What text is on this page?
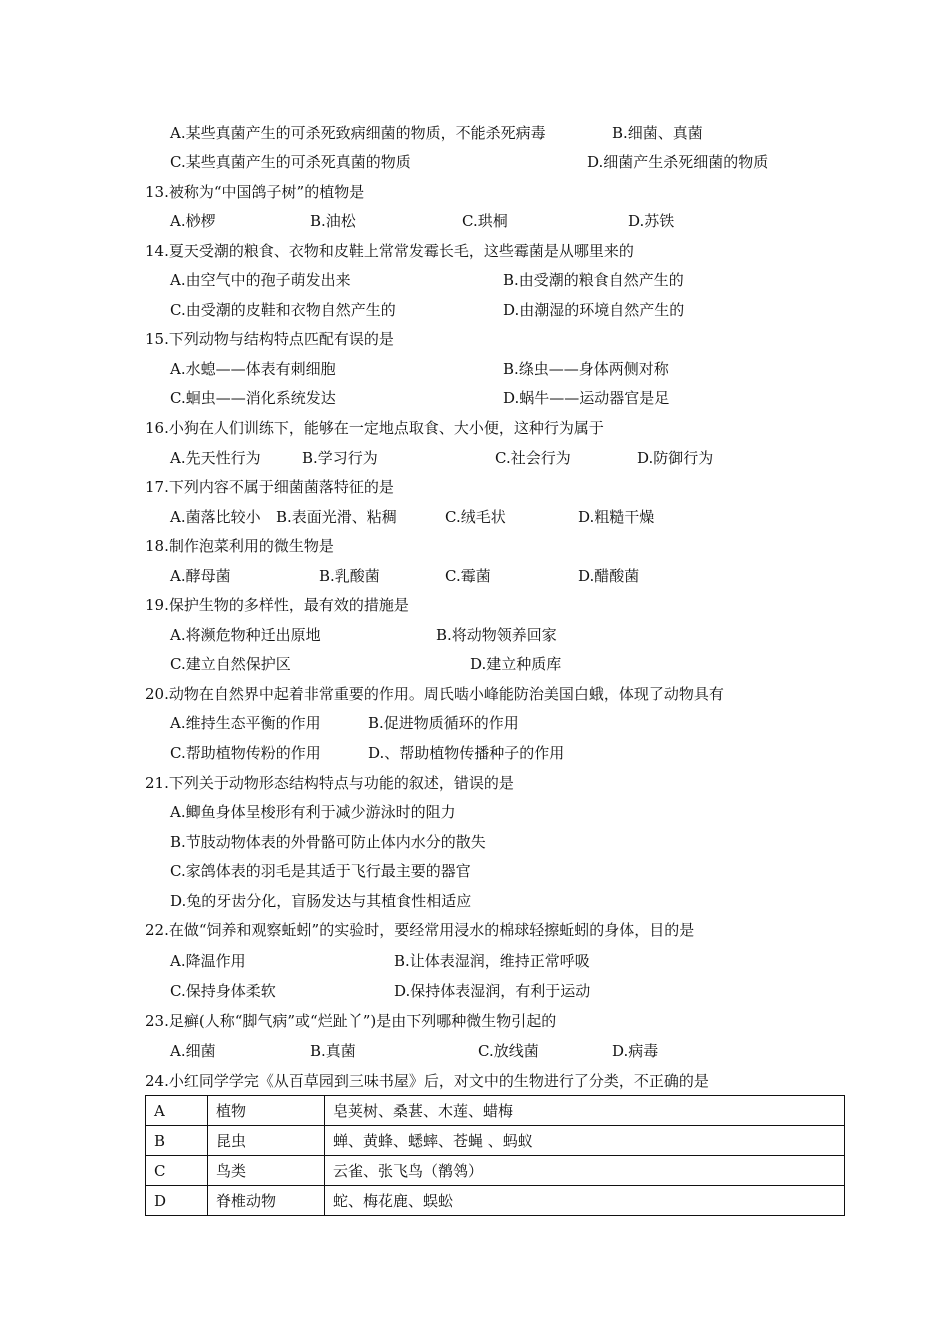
A.某些真菌产生的可杀死致病细菌的物质，不能杀死病毒	B.细菌、真菌
C.某些真菌产生的可杀死真菌的物质	D.细菌产生杀死细菌的物质
13.被称为“中国鸽子树”的植物是
A.桫椤	B.油松	C.珙桐	D.苏铁
14.夏天受潮的粮食、衣物和皮鞋上常常发霉长毛，这些霉菌是从哪里来的
A.由空气中的孢子萌发出来	B.由受潮的粮食自然产生的
C.由受潮的皮鞋和衣物自然产生的	D.由潮湿的环境自然产生的
15.下列动物与结构特点匹配有误的是
A.水螅——体表有刺细胞	B.绦虫——身体两侧对称
C.蛔虫——消化系统发达	D.蜗牛——运动器官是足
16.小狗在人们训练下，能够在一定地点取食、大小便，这种行为属于
A.先天性行为	B.学习行为	C.社会行为	D.防御行为
17.下列内容不属于细菌菌落特征的是
A.菌落比较小 B.表面光滑、粘稠	C.绒毛状	D.粗糙干燥
18.制作泡菜利用的微生物是
A.酵母菌	B.乳酸菌	C.霉菌	D.醋酸菌
19.保护生物的多样性，最有效的措施是
A.将濒危物种迁出原地	B.将动物领养回家
C.建立自然保护区	D.建立种质库
20.动物在自然界中起着非常重要的作用。周氏啮小峰能防治美国白蛾，体现了动物具有
A.维持生态平衡的作用	B.促进物质循环的作用
C.帮助植物传粉的作用	D.、帮助植物传播种子的作用
21.下列关于动物形态结构特点与功能的叙述，错误的是
A.鲫鱼身体呈梭形有利于减少游泳时的阻力
B.节肢动物体表的外骨骼可防止体内水分的散失
C.家鸽体表的羽毛是其适于飞行最主要的器官
D.兔的牙齿分化，盲肠发达与其植食性相适应
22.在做“饲养和观察蚯蚓”的实验时，要经常用浸水的棉球轻擦蚯蚓的身体，目的是
A.降温作用	B.让体表湿润，维持正常呼吸
C.保持身体柔软	D.保持体表湿润，有利于运动
23.足癣(人称“脚气病”或“烂趾丫”)是由下列哪种微生物引起的
A.细菌	B.真菌	C.放线菌	D.病毒
24.小红同学学完《从百草园到三味书屋》后，对文中的生物进行了分类，不正确的是
A	植物	皂荚树、桑葚、木莲、蜡梅
B	昆虫	蝉、黄蜂、蟋蟀、苍蝇 、蚂蚁
C	鸟类	云雀、张飞鸟（鹡鸰）
D	脊椎动物	蛇、梅花鹿、蜈蚣
